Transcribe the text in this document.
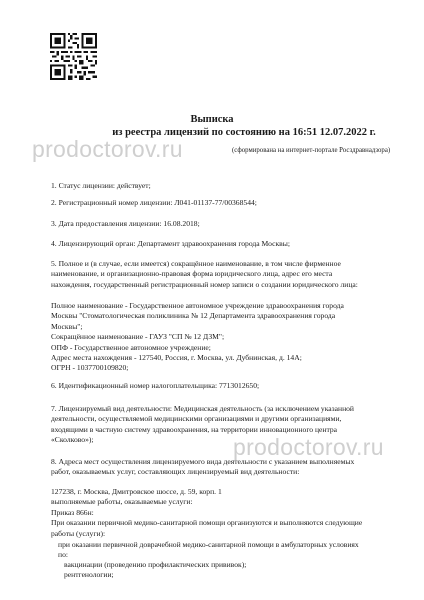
prodoctorov.ru
prodoctorov.ru
Выписка
из реестра лицензий по состоянию на 16:51 12.07.2022 г.
(сформирована на интернет-портале Росздравнадзора)
1. Статус лицензии: действует;
2. Регистрационный номер лицензии: Л041-01137-77/00368544;
3. Дата предоставления лицензии: 16.08.2018;
4. Лицензирующий орган: Департамент здравоохранения города Москвы;
5. Полное и (в случае, если имеется) сокращённое наименование, в том числе фирменное
наименование, и организационно-правовая форма юридического лица, адрес его места
нахождения, государственный регистрационный номер записи о создании юридического лица:
Полное наименование - Государственное автономное учреждение здравоохранения города
Москвы "Стоматологическая поликлиника № 12 Департамента здравоохранения города
Москвы";
Сокращённое наименование - ГАУЗ "СП № 12 ДЗМ";
ОПФ - Государственное автономное учреждение;
Адрес места нахождения - 127540, Россия, г. Москва, ул. Дубнинская, д. 14А;
ОГРН - 1037700109820;
6. Идентификационный номер налогоплательщика: 7713012650;
7. Лицензируемый вид деятельности: Медицинская деятельность (за исключением указанной
деятельности, осуществляемой медицинскими организациями и другими организациями,
входящими в частную систему здравоохранения, на территории инновационного центра
«Сколково»);
8. Адреса мест осуществления лицензируемого вида деятельности с указанием выполняемых
работ, оказываемых услуг, составляющих лицензируемый вид деятельности:
127238, г. Москва, Дмитровское шоссе, д. 59, корп. 1
выполняемые работы, оказываемые услуги:
Приказ 866н:
При оказании первичной медико-санитарной помощи организуются и выполняются следующие
работы (услуги):
при оказании первичной доврачебной медико-санитарной помощи в амбулаторных условиях
по:
вакцинации (проведению профилактических прививок);
рентгенологии;
